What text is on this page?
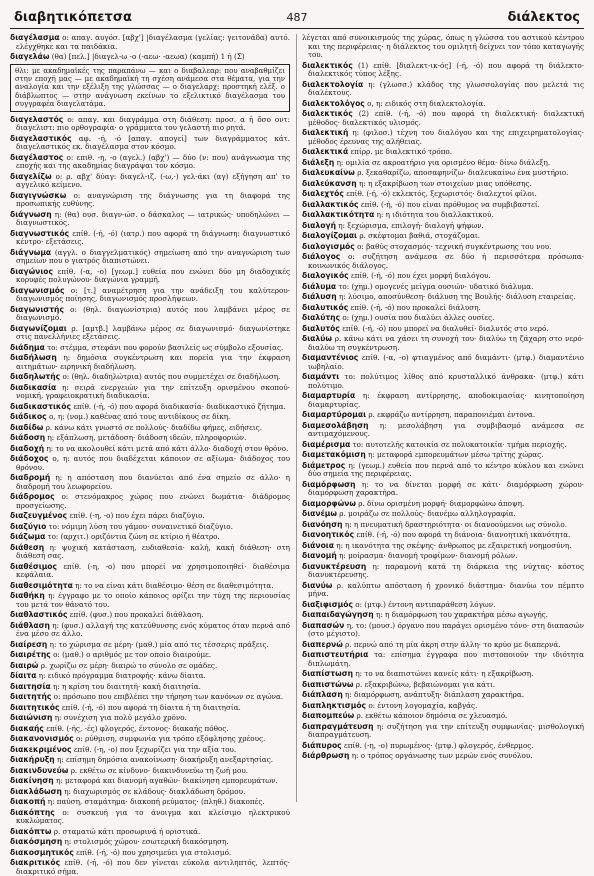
διαβητικόπετσα	487	διάλεκτος
διαγέλασμα ο: απαγ. αυγόσ. [αβχ'] |διαγέλασμα (γελίας: γειτονάδα) αυτό. ελέγχθηκε και τα παιδάκια.
διαγελάω (θα) [πελ.] |διαγελ-ω -ο (-αεω· -αεωα) (καμπή) 1 ή (Σ)
θλι: με ακαδημαϊκές της παραπάνω — και ο διαβαλεαρ: που αναβαθμίζει στην εποχή μας — με ακαδημαϊκή τη σχέση ανάμεσα στα θέματα, για την αναλογία και την εξέλιξη της γλώσσας — ο διαγελαρχ: προστηκή ελέξ. ο διάβλωπτος — στην ανάγνωση εκείνων το εξελικτικό διαγέλασμα του συγγραφέα διαγελατάμα.
διαγελαστός ο: απαγ. και διαγράμμα στη διάθεση: προσ. α ἡ ὄσο οντ: διαγελιστ: πιο ορθογραφία· ο γράμματα του γελαστή πιο ρητά.
διαγελαστικός αφ. -ή, -ό [απαγ. απογεί] των διαγράμματος κάτ. διαγελαστικός εκ. διαγέλασμα στον κόσμο.
διαγέλαστος ο: επιθ. -η, -ο (αγελ.) (αβχ') — δύο (ν: που) ανάγνωσμα της εποχής και της ακαδημίας διαγράψαι τον κόσμο.
διαγελίζω ο: ρ. αβχ' δύαγ: διαγελ-ιζ. (-ω,·) γελ-άκι (αγ) εξήγηση απ' το αγγελικό κείμενο.
διαγιγνώσκω ο: αναγνώριση της διάγνωσης για τη διαφορά της προσωπικής ευθύνης.
διάγνωση η: (θα) ουσ. διαγν-ώσ. ο δάσκαλος — ιατρικώς· υποδηλώνει — διαγνωστικός.
διαγνωστικός επίθ. (-ή, -ό) (ιατρ.) που αφορά τη διάγνωση: διαγνωστικό κέντρο· εξετάσεις.
διάγνωμα (αγγλ. ο διαγγελματικός) σημείωση από την αναγνώριση των σημείων που ο γιατρός διαπιστώνει.
διαγώνιος επίθ. (-α, -ο) [γεωμ.] ευθεία που ενώνει δύο μη διαδοχικές κορυφές πολυγώνου· διαγώνια γραμμή.
διαγωνισμός ο: [τ.] αναμέτρηση για την ανάδειξη του καλύτερου· διαγωνισμός ποίησης, διαγωνισμός προσλήψεων.
διαγωνιστής ο: (θηλ. διαγωνίστρια) αυτός που λαμβάνει μέρος σε διαγωνισμό.
διαγωνίζομαι ρ. [αμτβ.] λαμβάνω μέρος σε διαγωνισμό· διαγωνίστηκε στις πανελλήνιες εξετάσεις.
διάδημα το: στέμμα, στεφάνι που φορούν βασιλείς ως σύμβολο εξουσίας.
διαδήλωση η: δημόσια συγκέντρωση και πορεία για την έκφραση αιτημάτων· ειρηνική διαδήλωση.
διαδηλωτής ο: (θηλ. διαδηλώτρια) αυτός που συμμετέχει σε διαδήλωση.
διαδικασία η: σειρά ενεργειών για την επίτευξη ορισμένου σκοπού· νομική, γραφειοκρατική διαδικασία.
διαδικαστικός επίθ. (-ή, -ό) που αφορά διαδικασία· διαδικαστικό ζήτημα.
διάδικος ο, η: (νομ.) καθένας από τους αντιδίκους σε δίκη.
διαδίδω ρ. κάνω κάτι γνωστό σε πολλούς· διαδίδω φήμες, ειδήσεις.
διάδοση η: εξάπλωση, μετάδοση· διάδοση ιδεών, πληροφοριών.
διαδοχή η: το να ακολουθεί κάτι μετά από κάτι άλλο· διαδοχή στον θρόνο.
διάδοχος ο, η: αυτός που διαδέχεται κάποιον σε αξίωμα· διάδοχος του θρόνου.
διαδρομή η: η απόσταση που διανύεται από ένα σημείο σε άλλο· η διαδρομή του λεωφορείου.
διάδρομος ο: στενόμακρος χώρος που ενώνει δωμάτια· διάδρομος προσγείωσης.
διαζευγμένος επίθ. (-η, -ο) που έχει πάρει διαζύγιο.
διαζύγιο το: νόμιμη λύση του γάμου· συναινετικό διαζύγιο.
διάζωμα το: (αρχιτ.) οριζόντια ζώνη σε κτίριο ή θέατρο.
διάθεση η: ψυχική κατάσταση, ευδιαθεσία· καλή, κακή διάθεση· στη διάθεσή σας.
διαθέσιμος επίθ. (-η, -ο) που μπορεί να χρησιμοποιηθεί· διαθέσιμα κεφάλαια.
διαθεσιμότητα η: το να είναι κάτι διαθέσιμο· θέση σε διαθεσιμότητα.
διαθήκη η: έγγραφο με το οποίο κάποιος ορίζει την τύχη της περιουσίας του μετά τον θάνατό του.
διαθλαστικός επίθ. (φυσ.) που προκαλεί διάθλαση.
διάθλαση η: (φυσ.) αλλαγή της κατεύθυνσης ενός κύματος όταν περνά από ένα μέσο σε άλλο.
διαίρεση η: το χώρισμα σε μέρη· (μαθ.) μία από τις τέσσερις πράξεις.
διαιρέτης ο: (μαθ.) ο αριθμός με τον οποίο διαιρούμε.
διαιρώ ρ. χωρίζω σε μέρη· διαιρώ το σύνολο σε ομάδες.
δίαιτα η: ειδικό πρόγραμμα διατροφής· κάνω δίαιτα.
διαιτησία η: η κρίση του διαιτητή· κακή διαιτησία.
διαιτητής ο: πρόσωπο που επιβλέπει την τήρηση των κανόνων σε αγώνα.
διαιτητικός επίθ. (-ή, -ό) που αφορά τη δίαιτα ή τη διαιτησία.
διαιώνιση η: συνέχιση για πολύ μεγάλο χρόνο.
διακαής επίθ. (-ής, -ές) φλογερός, έντονος· διακαής πόθος.
διακανονισμός ο: ρύθμιση, συμφωνία για τρόπο εξόφλησης χρέους.
διακεκριμένος επίθ. (-η, -ο) που ξεχωρίζει για την αξία του.
διακήρυξη η: επίσημη δημόσια ανακοίνωση· διακήρυξη ανεξαρτησίας.
διακινδυνεύω ρ. εκθέτω σε κίνδυνο· διακινδυνεύω τη ζωή μου.
διακίνηση η: μεταφορά και διανομή αγαθών· διακίνηση εμπορευμάτων.
διακλάδωση η: διαχωρισμός σε κλάδους· διακλάδωση δρόμου.
διακοπή η: παύση, σταμάτημα· διακοπή ρεύματος· (πληθ.) διακοπές.
διακόπτης ο: συσκευή για το άνοιγμα και κλείσιμο ηλεκτρικού κυκλώματος.
διακόπτω ρ. σταματώ κάτι προσωρινά ή οριστικά.
διακόσμηση η: στολισμός χώρου· εσωτερική διακόσμηση.
διακοσμητικός επίθ. (-ή, -ό) που χρησιμεύει για στολισμό.
διακριτικός επίθ. (-ή, -ό) που δεν γίνεται εύκολα αντιληπτός, λεπτός· διακριτικό σήμα.
λέγεται από συνοικισμούς της χώρας, όπως η γλώσσα του αστικού κέντρου και της περιφέρειας· η διάλεκτος του ομιλητή δείχνει τον τόπο καταγωγής του.
διαλεκτικός (1) επίθ. [διαλεκτ-ικ-ός] (-ή, -ό) που αφορά τη διάλεκτο· διαλεκτικός τύπος λέξης.
διαλεκτολογία η: (γλωσσ.) κλάδος της γλωσσολογίας που μελετά τις διαλέκτους.
διαλεκτολόγος ο, η: ειδικός στη διαλεκτολογία.
διαλεκτικός (2) επίθ. (-ή, -ό) που αφορά τη διαλεκτική· διαλεκτική μέθοδος· διαλεκτικός υλισμός.
διαλεκτική η: (φιλοσ.) τέχνη του διαλόγου και της επιχειρηματολογίας· μέθοδος έρευνας της αλήθειας.
διαλεκτικά επίρρ. με διαλεκτικό τρόπο.
διάλεξη η: ομιλία σε ακροατήριο για ορισμένο θέμα· δίνω διάλεξη.
διαλευκαίνω ρ. ξεκαθαρίζω, αποσαφηνίζω· διαλευκαίνω ένα μυστήριο.
διαλεύκανση η: η εξακρίβωση των στοιχείων μιας υπόθεσης.
διαλεχτός επίθ. (-ή, -ό) εκλεκτός, ξεχωριστός· διαλεχτοί φίλοι.
διαλλακτικός επίθ. (-ή, -ό) που είναι πρόθυμος να συμβιβαστεί.
διαλλακτικότητα η: η ιδιότητα του διαλλακτικού.
διαλογή η: ξεχώρισμα, επιλογή· διαλογή ψήφων.
διαλογίζομαι ρ. σκέφτομαι βαθιά, στοχάζομαι.
διαλογισμός ο: βαθύς στοχασμός· τεχνική συγκέντρωσης του νου.
διάλογος ο: συζήτηση ανάμεσα σε δύο ή περισσότερα πρόσωπα· κοινωνικός διάλογος.
διαλογικός επίθ. (-ή, -ό) που έχει μορφή διαλόγου.
διάλυμα το: (χημ.) ομογενές μείγμα ουσιών· υδατικό διάλυμα.
διάλυση η: λύσιμο, αποσύνθεση· διάλυση της Βουλής· διάλυση εταιρείας.
διαλυτικός επίθ. (-ή, -ό) που προκαλεί διάλυση.
διαλύτης ο: (χημ.) ουσία που διαλύει άλλες ουσίες.
διαλυτός επίθ. (-ή, -ό) που μπορεί να διαλυθεί· διαλυτός στο νερό.
διαλύω ρ. κάνω κάτι να χάσει τη συνοχή του· διαλύω τη ζάχαρη στο νερό· διαλύω τη συγκέντρωση.
διαμαντένιος επίθ. (-α, -ο) φτιαγμένος από διαμάντι· (μτφ.) διαμαντένιο ιωβηλαίο.
διαμάντι το: πολύτιμος λίθος από κρυσταλλικό άνθρακα· (μτφ.) κάτι πολύτιμο.
διαμαρτυρία η: έκφραση αντίρρησης, αποδοκιμασίας· κινητοποίηση διαμαρτυρίας.
διαμαρτύρομαι ρ. εκφράζω αντίρρηση, παραπονιέμαι έντονα.
διαμεσολάβηση η: μεσολάβηση για συμβιβασμό ανάμεσα σε αντιμαχόμενους.
διαμέρισμα το: αυτοτελής κατοικία σε πολυκατοικία· τμήμα περιοχής.
διαμετακόμιση η: μεταφορά εμπορευμάτων μέσω τρίτης χώρας.
διάμετρος η: (γεωμ.) ευθεία που περνά από το κέντρο κύκλου και ενώνει δύο σημεία της περιφέρειας.
διαμόρφωση η: το να δίνεται μορφή σε κάτι· διαμόρφωση χώρου· διαμόρφωση χαρακτήρα.
διαμορφώνω ρ. δίνω ορισμένη μορφή· διαμορφώνω άποψη.
διανέμω ρ. μοιράζω σε πολλούς· διανέμω αλληλογραφία.
διανόηση η: η πνευματική δραστηριότητα· οι διανοούμενοι ως σύνολο.
διανοητικός επίθ. (-ή, -ό) που αφορά τη διάνοια· διανοητική ικανότητα.
διάνοια η: η ικανότητα της σκέψης· άνθρωπος με εξαιρετική νοημοσύνη.
διανομή η: μοίρασμα· διανομή τροφίμων· διανομή ρόλων.
διανυκτέρευση η: παραμονή κατά τη διάρκεια της νύχτας· κόστος διανυκτέρευσης.
διανύω ρ. καλύπτω απόσταση ή χρονικό διάστημα· διανύω τον πέμπτο μήνα.
διαξιφισμός ο: (μτφ.) έντονη αντιπαράθεση λόγων.
διαπαιδαγώγηση η: η διαμόρφωση του χαρακτήρα μέσω αγωγής.
διαπασών η, το: (μουσ.) όργανο που παράγει ορισμένο τόνο· στη διαπασών (στο μέγιστο).
διαπερνώ ρ. περνώ από τη μία άκρη στην άλλη· το κρύο με διαπερνά.
διαπιστευτήρια τα: επίσημα έγγραφα που πιστοποιούν την ιδιότητα διπλωμάτη.
διαπίστωση η: το να διαπιστώνει κανείς κάτι· η εξακρίβωση.
διαπιστώνω ρ. εξακριβώνω, βεβαιώνομαι για κάτι.
διάπλαση η: διαμόρφωση, ανάπτυξη· διάπλαση χαρακτήρα.
διαπληκτισμός ο: έντονη λογομαχία, καβγάς.
διαπομπεύω ρ. εκθέτω κάποιον δημόσια σε χλευασμό.
διαπραγμάτευση η: συζήτηση για την επίτευξη συμφωνίας· μισθολογική διαπραγμάτευση.
διάπυρος επίθ. (-η, -ο) πυρωμένος· (μτφ.) φλογερός, ένθερμος.
διάρθρωση η: ο τρόπος οργάνωσης των μερών ενός συνόλου.
